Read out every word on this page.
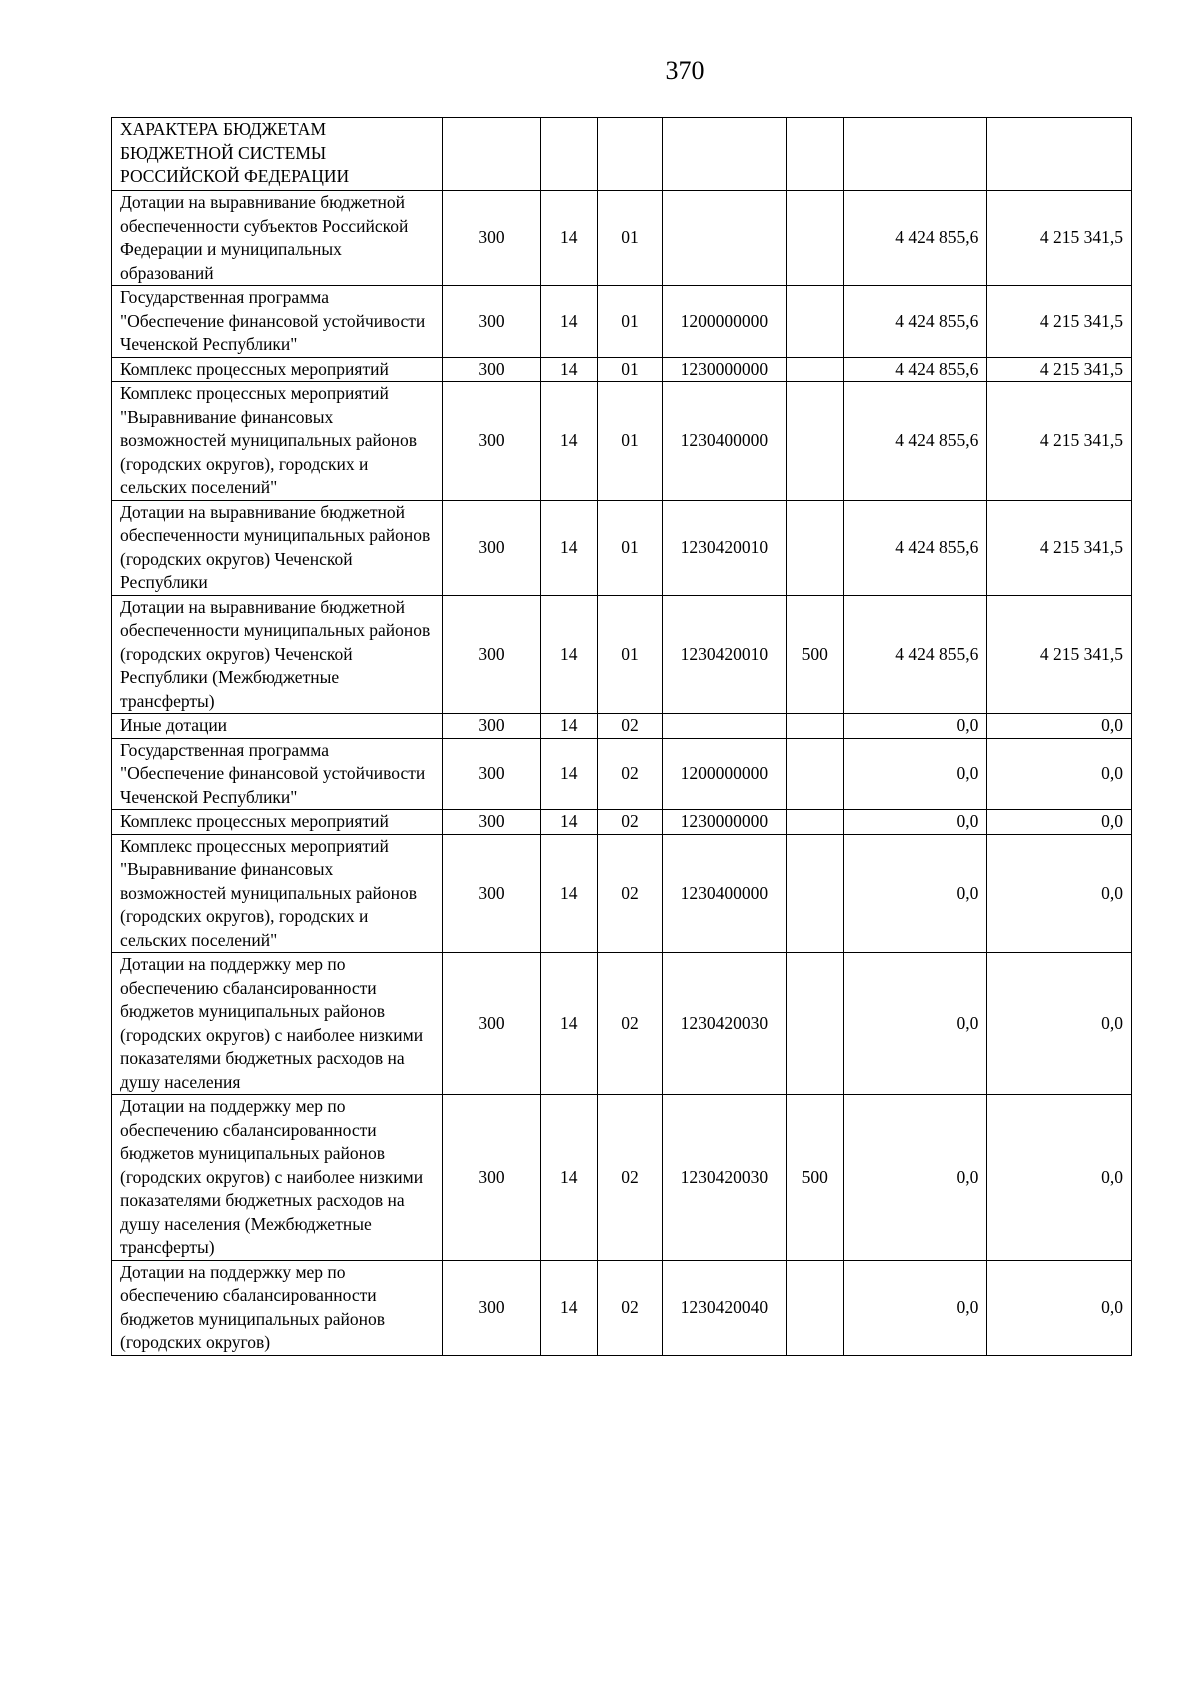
370
ХАРАКТЕРА БЮДЖЕТАМ БЮДЖЕТНОЙ СИСТЕМЫ РОССИЙСКОЙ ФЕДЕРАЦИИ							
Дотации на выравнивание бюджетной обеспеченности субъектов Российской Федерации и муниципальных образований	300	14	01			4 424 855,6	4 215 341,5
Государственная программа "Обеспечение финансовой устойчивости Чеченской Республики"	300	14	01	1200000000		4 424 855,6	4 215 341,5
Комплекс процессных мероприятий	300	14	01	1230000000		4 424 855,6	4 215 341,5
Комплекс процессных мероприятий "Выравнивание финансовых возможностей муниципальных районов (городских округов), городских и сельских поселений"	300	14	01	1230400000		4 424 855,6	4 215 341,5
Дотации на выравнивание бюджетной обеспеченности муниципальных районов (городских округов) Чеченской Республики	300	14	01	1230420010		4 424 855,6	4 215 341,5
Дотации на выравнивание бюджетной обеспеченности муниципальных районов (городских округов) Чеченской Республики (Межбюджетные трансферты)	300	14	01	1230420010	500	4 424 855,6	4 215 341,5
Иные дотации	300	14	02			0,0	0,0
Государственная программа "Обеспечение финансовой устойчивости Чеченской Республики"	300	14	02	1200000000		0,0	0,0
Комплекс процессных мероприятий	300	14	02	1230000000		0,0	0,0
Комплекс процессных мероприятий "Выравнивание финансовых возможностей муниципальных районов (городских округов), городских и сельских поселений"	300	14	02	1230400000		0,0	0,0
Дотации на поддержку мер по обеспечению сбалансированности бюджетов муниципальных районов (городских округов) с наиболее низкими показателями бюджетных расходов на душу населения	300	14	02	1230420030		0,0	0,0
Дотации на поддержку мер по обеспечению сбалансированности бюджетов муниципальных районов (городских округов) с наиболее низкими показателями бюджетных расходов на душу населения (Межбюджетные трансферты)	300	14	02	1230420030	500	0,0	0,0
Дотации на поддержку мер по обеспечению сбалансированности бюджетов муниципальных районов (городских округов)	300	14	02	1230420040		0,0	0,0
